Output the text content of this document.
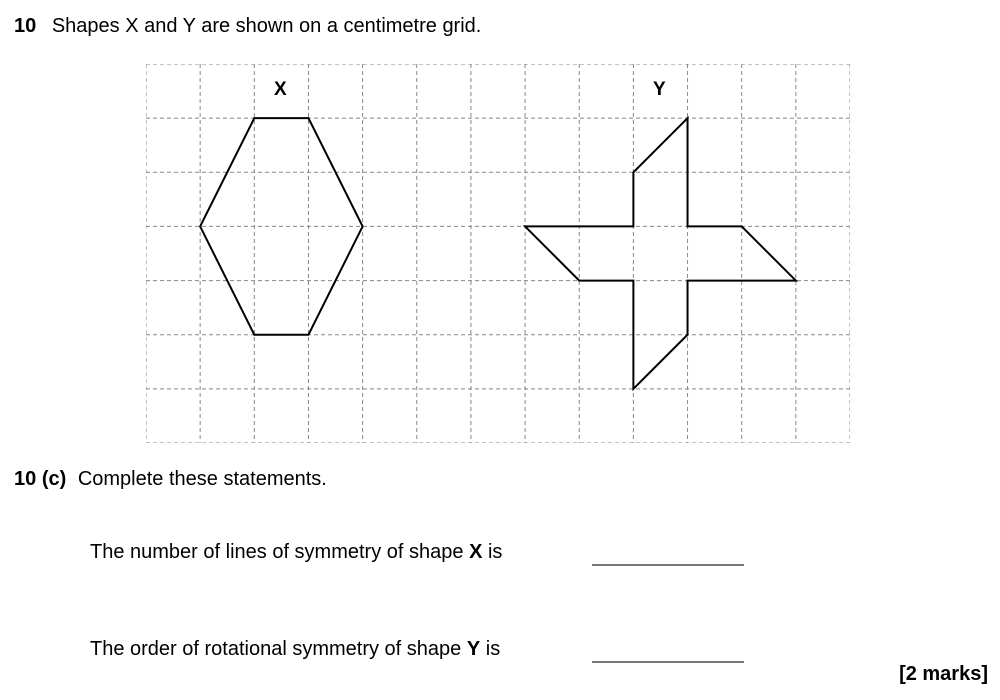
10 Shapes X and Y are shown on a centimetre grid.
X	Y
10 (c) Complete these statements.
The number of lines of symmetry of shape X is
The order of rotational symmetry of shape Y is
[2 marks]
